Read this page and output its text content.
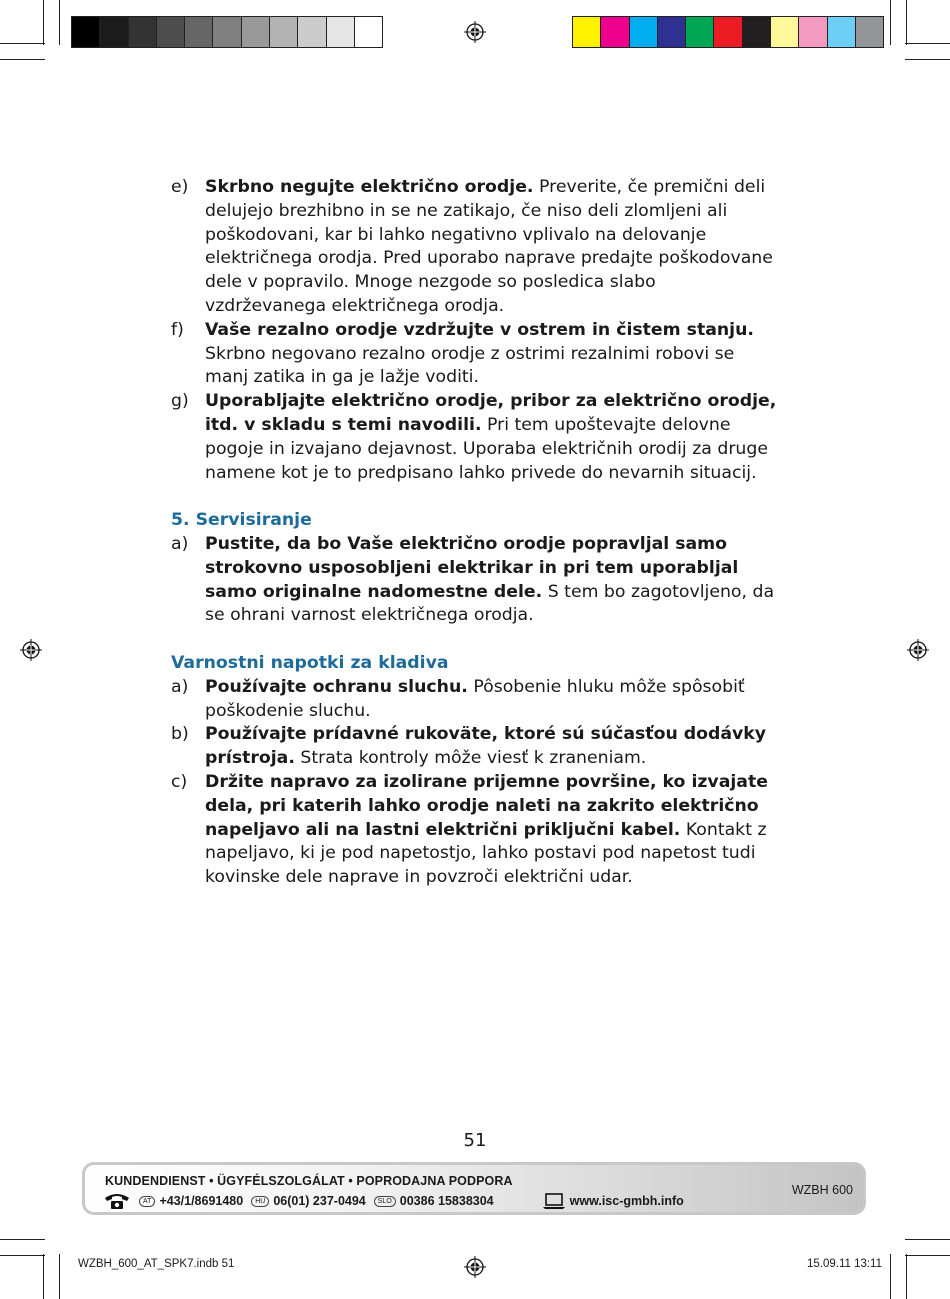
e) Skrbno negujte električno orodje. Preverite, če premični deli delujejo brezhibno in se ne zatikajo, če niso deli zlomljeni ali poškodovani, kar bi lahko negativno vplivalo na delovanje električnega orodja. Pred uporabo naprave predajte poškodovane dele v popravilo. Mnoge nezgode so posledica slabo vzdrževanega električnega orodja.
f)	Vaše rezalno orodje vzdržujte v ostrem in čistem stanju. Skrbno negovano rezalno orodje z ostrimi rezalnimi robovi se manj zatika in ga je lažje voditi.
g) Uporabljajte električno orodje, pribor za električno orodje, itd. v skladu s temi navodili. Pri tem upoštevajte delovne pogoje in izvajano dejavnost. Uporaba električnih orodij za druge namene kot je to predpisano lahko privede do nevarnih situacij.
5. Servisiranje
a) Pustite, da bo Vaše električno orodje popravljal samo strokovno usposobljeni elektrikar in pri tem uporabljal samo originalne nadomestne dele. S tem bo zagotovljeno, da se ohrani varnost električnega orodja.
Varnostni napotki za kladiva
a) Používajte ochranu sluchu. Pôsobenie hluku môže spôsobiť poškodenie sluchu.
b) Používajte prídavné rukoväte, ktoré sú súčasťou dodávky prístroja. Strata kontroly môže viesť k zraneniam.
c)	Držite napravo za izolirane prijemne površine, ko izvajate dela, pri katerih lahko orodje naleti na zakrito električno napeljavo ali na lastni električni priključni kabel. Kontakt z napeljavo, ki je pod napetostjo, lahko postavi pod napetost tudi kovinske dele naprave in povzroči električni udar.
51
KUNDENDIENST • ÜGYFÉLSZOLGÁLAT • POPRODAJNA PODPORA
AT +43/1/8691480	HU 06(01) 237-0494	SLO 00386 15838304	www.isc-gmbh.info
WZBH 600
WZBH_600_AT_SPK7.indb 51	15.09.11 13:11
